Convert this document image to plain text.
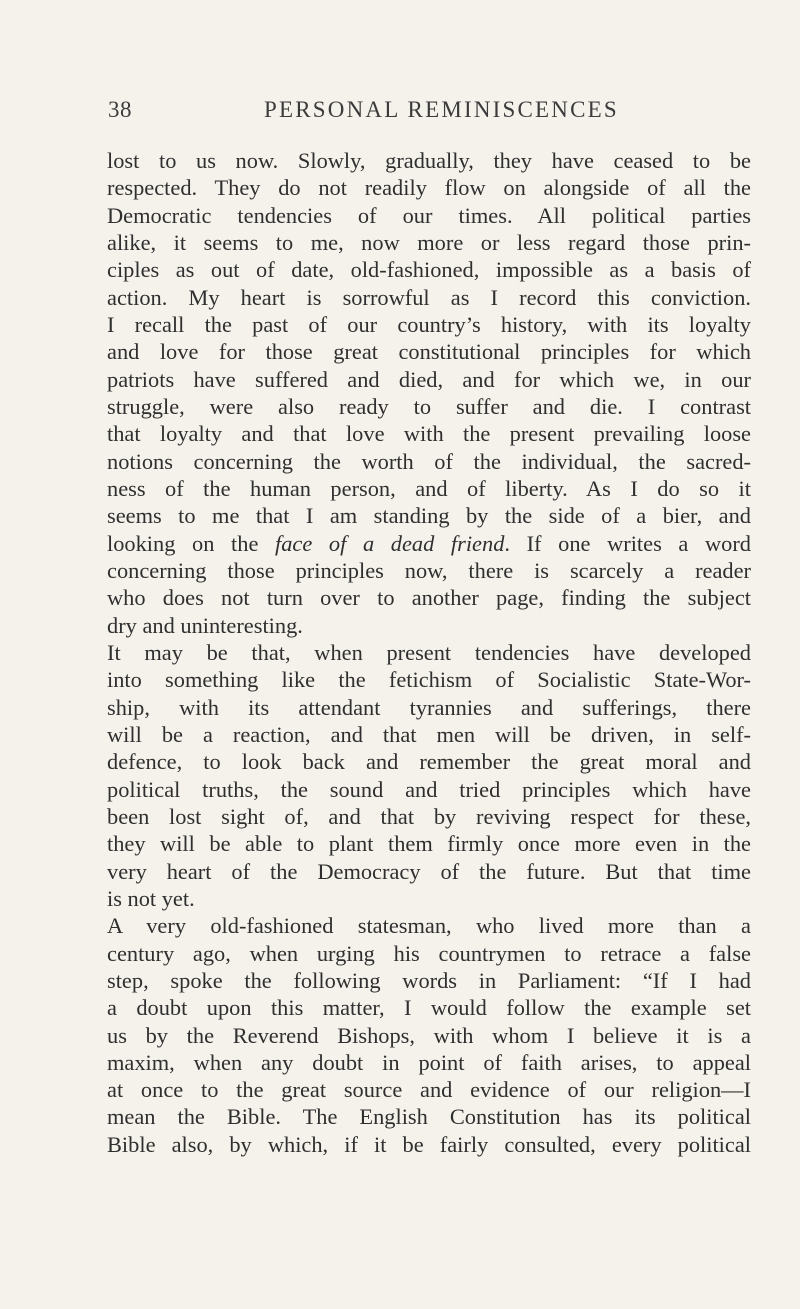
38	PERSONAL REMINISCENCES
lost to us now. Slowly, gradually, they have ceased to be
respected. They do not readily flow on alongside of all the
Democratic tendencies of our times. All political parties
alike, it seems to me, now more or less regard those prin-
ciples as out of date, old-fashioned, impossible as a basis of
action. My heart is sorrowful as I record this conviction.
I recall the past of our country’s history, with its loyalty
and love for those great constitutional principles for which
patriots have suffered and died, and for which we, in our
struggle, were also ready to suffer and die. I contrast
that loyalty and that love with the present prevailing loose
notions concerning the worth of the individual, the sacred-
ness of the human person, and of liberty. As I do so it
seems to me that I am standing by the side of a bier, and
looking on the face of a dead friend. If one writes a word
concerning those principles now, there is scarcely a reader
who does not turn over to another page, finding the subject
dry and uninteresting.
It may be that, when present tendencies have developed
into something like the fetichism of Socialistic State-Wor-
ship, with its attendant tyrannies and sufferings, there
will be a reaction, and that men will be driven, in self-
defence, to look back and remember the great moral and
political truths, the sound and tried principles which have
been lost sight of, and that by reviving respect for these,
they will be able to plant them firmly once more even in the
very heart of the Democracy of the future. But that time
is not yet.
A very old-fashioned statesman, who lived more than a
century ago, when urging his countrymen to retrace a false
step, spoke the following words in Parliament: “If I had
a doubt upon this matter, I would follow the example set
us by the Reverend Bishops, with whom I believe it is a
maxim, when any doubt in point of faith arises, to appeal
at once to the great source and evidence of our religion—I
mean the Bible. The English Constitution has its political
Bible also, by which, if it be fairly consulted, every political
